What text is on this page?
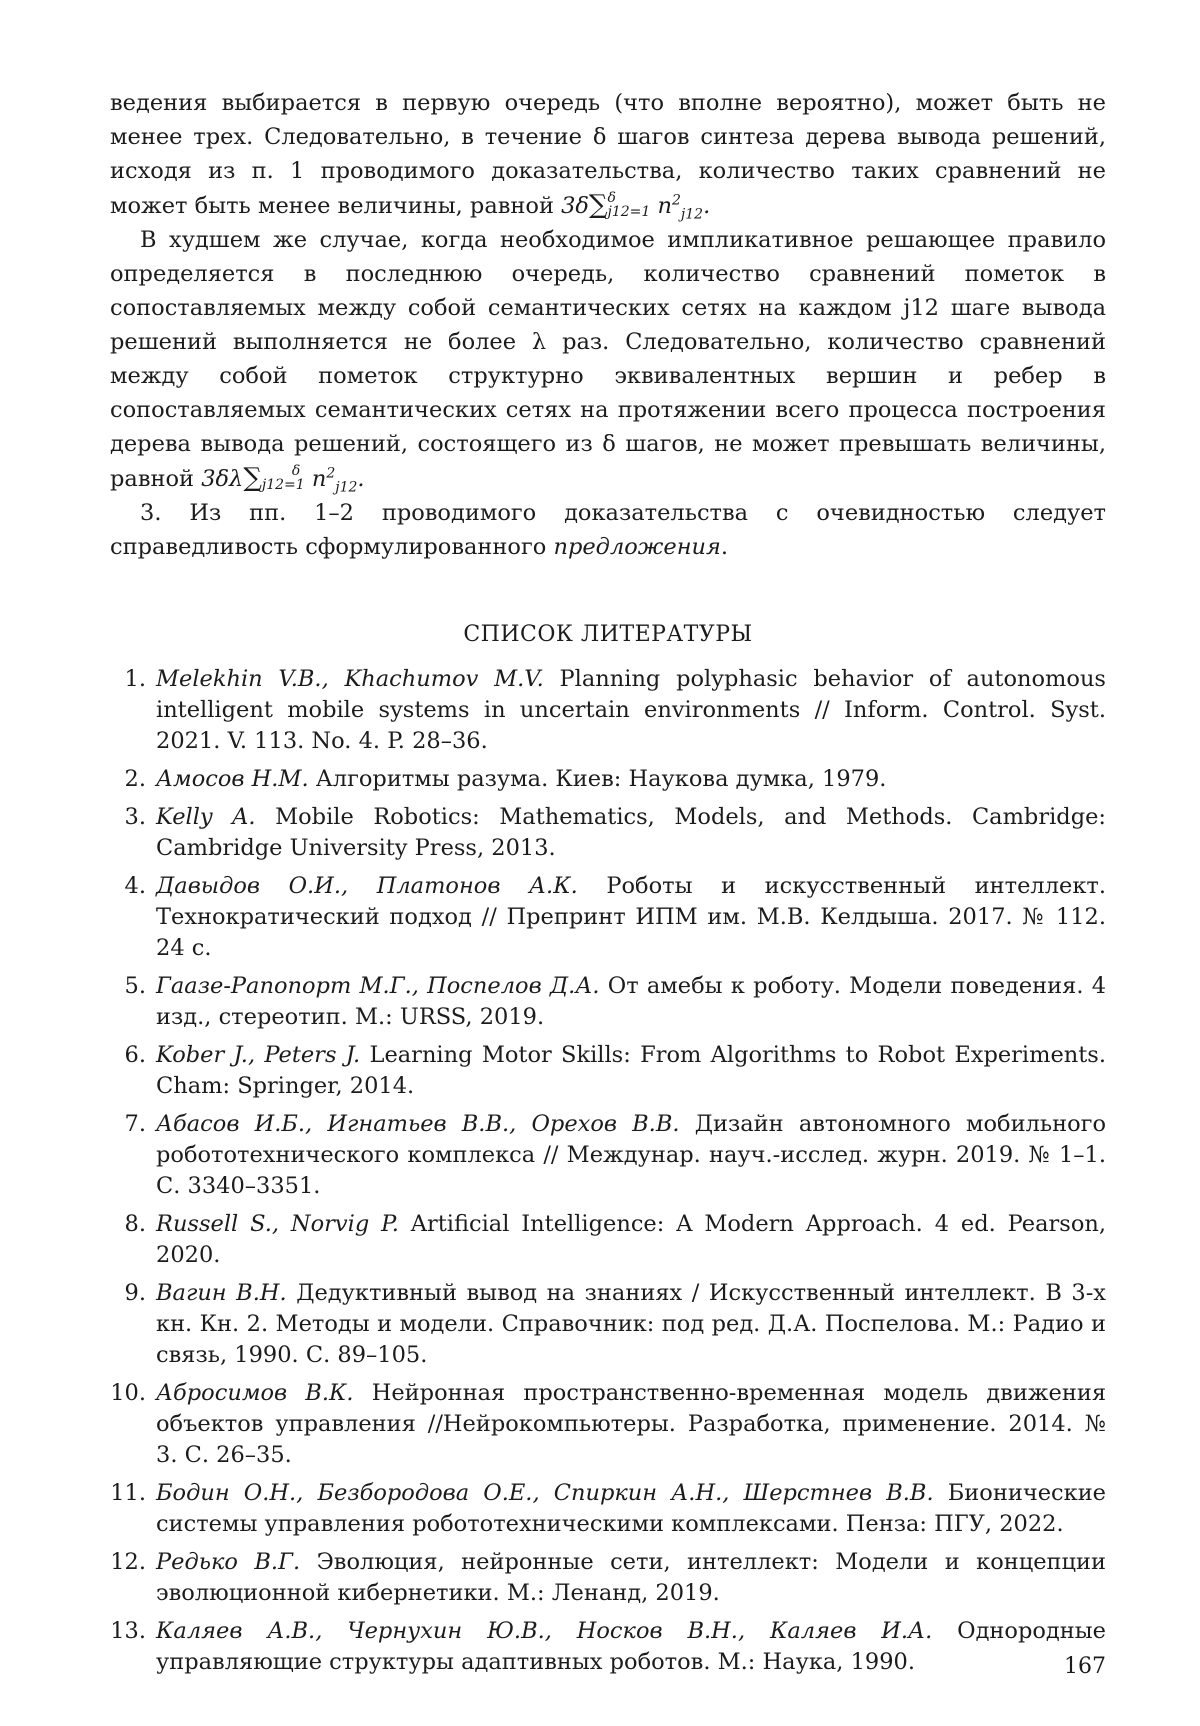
ведения выбирается в первую очередь (что вполне вероятно), может быть не менее трех. Следовательно, в течение δ шагов синтеза дерева вывода решений, исходя из п. 1 проводимого доказательства, количество таких сравнений не может быть менее величины, равной 3δ∑δ
j12=1 $n^2_{j12}$.

В худшем же случае, когда необходимое импликативное решающее правило определяется в последнюю очередь, количество сравнений пометок в сопоставляемых между собой семантических сетях на каждом j12 шаге вывода решений выполняется не более λ раз. Следовательно, количество сравнений между собой пометок структурно эквивалентных вершин и ребер в сопоставляемых семантических сетях на протяжении всего процесса построения дерева вывода решений, состоящего из δ шагов, не может превышать величины, равной 3δλ∑ δ
j12=1 $n^2_{j12}$.

3. Из пп. 1–2 проводимого доказательства с очевидностью следует справедливость сформулированного предложения.

СПИСОК ЛИТЕРАТУРЫ
1. Melekhin V.B., Khachumov M.V. Planning polyphasic behavior of autonomous intelligent mobile systems in uncertain environments // Inform. Control. Syst. 2021. V. 113. No. 4. P. 28–36.
2. Амосов Н.М. Алгоритмы разума. Киев: Наукова думка, 1979.
3. Kelly A. Mobile Robotics: Mathematics, Models, and Methods. Cambridge: Cambridge University Press, 2013.
4. Давыдов О.И., Платонов А.К. Роботы и искусственный интеллект. Технократический подход // Препринт ИПМ им. М.В. Келдыша. 2017. № 112. 24 с.
5. Гаазе-Рапопорт М.Г., Поспелов Д.А. От амебы к роботу. Модели поведения. 4 изд., стереотип. М.: URSS, 2019.
6. Kober J., Peters J. Learning Motor Skills: From Algorithms to Robot Experiments. Cham: Springer, 2014.
7. Абасов И.Б., Игнатьев В.В., Орехов В.В. Дизайн автономного мобильного робототехнического комплекса // Междунар. науч.-исслед. журн. 2019. № 1–1. С. 3340–3351.
8. Russell S., Norvig P. Artificial Intelligence: A Modern Approach. 4 ed. Pearson, 2020.
9. Вагин В.Н. Дедуктивный вывод на знаниях / Искусственный интеллект. В 3-х кн. Кн. 2. Методы и модели. Справочник: под ред. Д.А. Поспелова. М.: Радио и связь, 1990. С. 89–105.
10. Абросимов В.К. Нейронная пространственно-временная модель движения объектов управления //Нейрокомпьютеры. Разработка, применение. 2014. № 3. С. 26–35.
11. Бодин О.Н., Безбородова О.Е., Спиркин А.Н., Шерстнев В.В. Бионические системы управления робототехническими комплексами. Пенза: ПГУ, 2022.
12. Редько В.Г. Эволюция, нейронные сети, интеллект: Модели и концепции эволюционной кибернетики. М.: Ленанд, 2019.
13. Каляев А.В., Чернухин Ю.В., Носков В.Н., Каляев И.А. Однородные управляющие структуры адаптивных роботов. М.: Наука, 1990.	167
